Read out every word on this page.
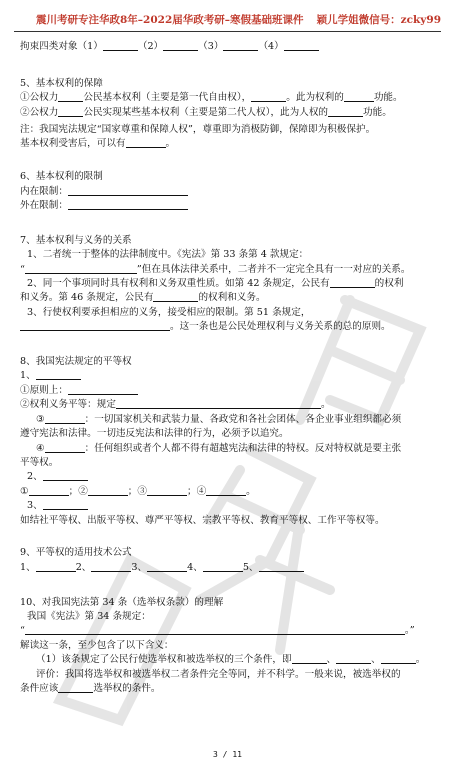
震川考研专注华政8年–2022届华政考研–寒假基础班课件 颖儿学姐微信号：zcky99
拘束四类对象（1）	（2）	（3）	（4）
5、基本权利的保障
①公权力	公民基本权利（主要是第一代自由权），	。此为权利的	功能。
②公权力	公民实现某些基本权利（主要是第二代人权），此为人权的	功能。
注：我国宪法规定“国家尊重和保障人权”，尊重即为消极防御，保障即为积极保护。
基本权利受害后，可以有	。
6、基本权利的限制
内在限制：
外在限制：
7、基本权利与义务的关系
1、二者统一于整体的法律制度中。《宪法》第 33 条第 4 款规定：
“	”但在具体法律关系中，二者并不一定完全具有一一对应的关系。
2、同一个事项同时具有权利和义务双重性质。如第 42 条规定，公民有	的权利
和义务。第 46 条规定，公民有	的权利和义务。
3、行使权利要承担相应的义务，接受相应的限制。第 51 条规定，
。这一条也是公民处理权利与义务关系的总的原则。
8、我国宪法规定的平等权
1、
①原则上：
②权利义务平等：规定	。
③	：一切国家机关和武装力量、各政党和各社会团体、各企业事业组织都必须
遵守宪法和法律。一切违反宪法和法律的行为，必须予以追究。
④	：任何组织或者个人都不得有超越宪法和法律的特权。反对特权就是要主张
平等权。
2、
①	；②	；③	；④	。
3、
如结社平等权、出版平等权、尊严平等权、宗教平等权、教育平等权、工作平等权等。
9、平等权的适用技术公式
1、	2、	3、	4、	5、
10、对我国宪法第 34 条（选举权条款）的理解
我国《宪法》第 34 条规定：
“	。”
解读这一条，至少包含了以下含义：
（1）该条规定了公民行使选举权和被选举权的三个条件，即	、	、	。
评价：我国将选举权和被选举权二者条件完全等同，并不科学。一般来说，被选举权的
条件应该	选举权的条件。
3 / 11
